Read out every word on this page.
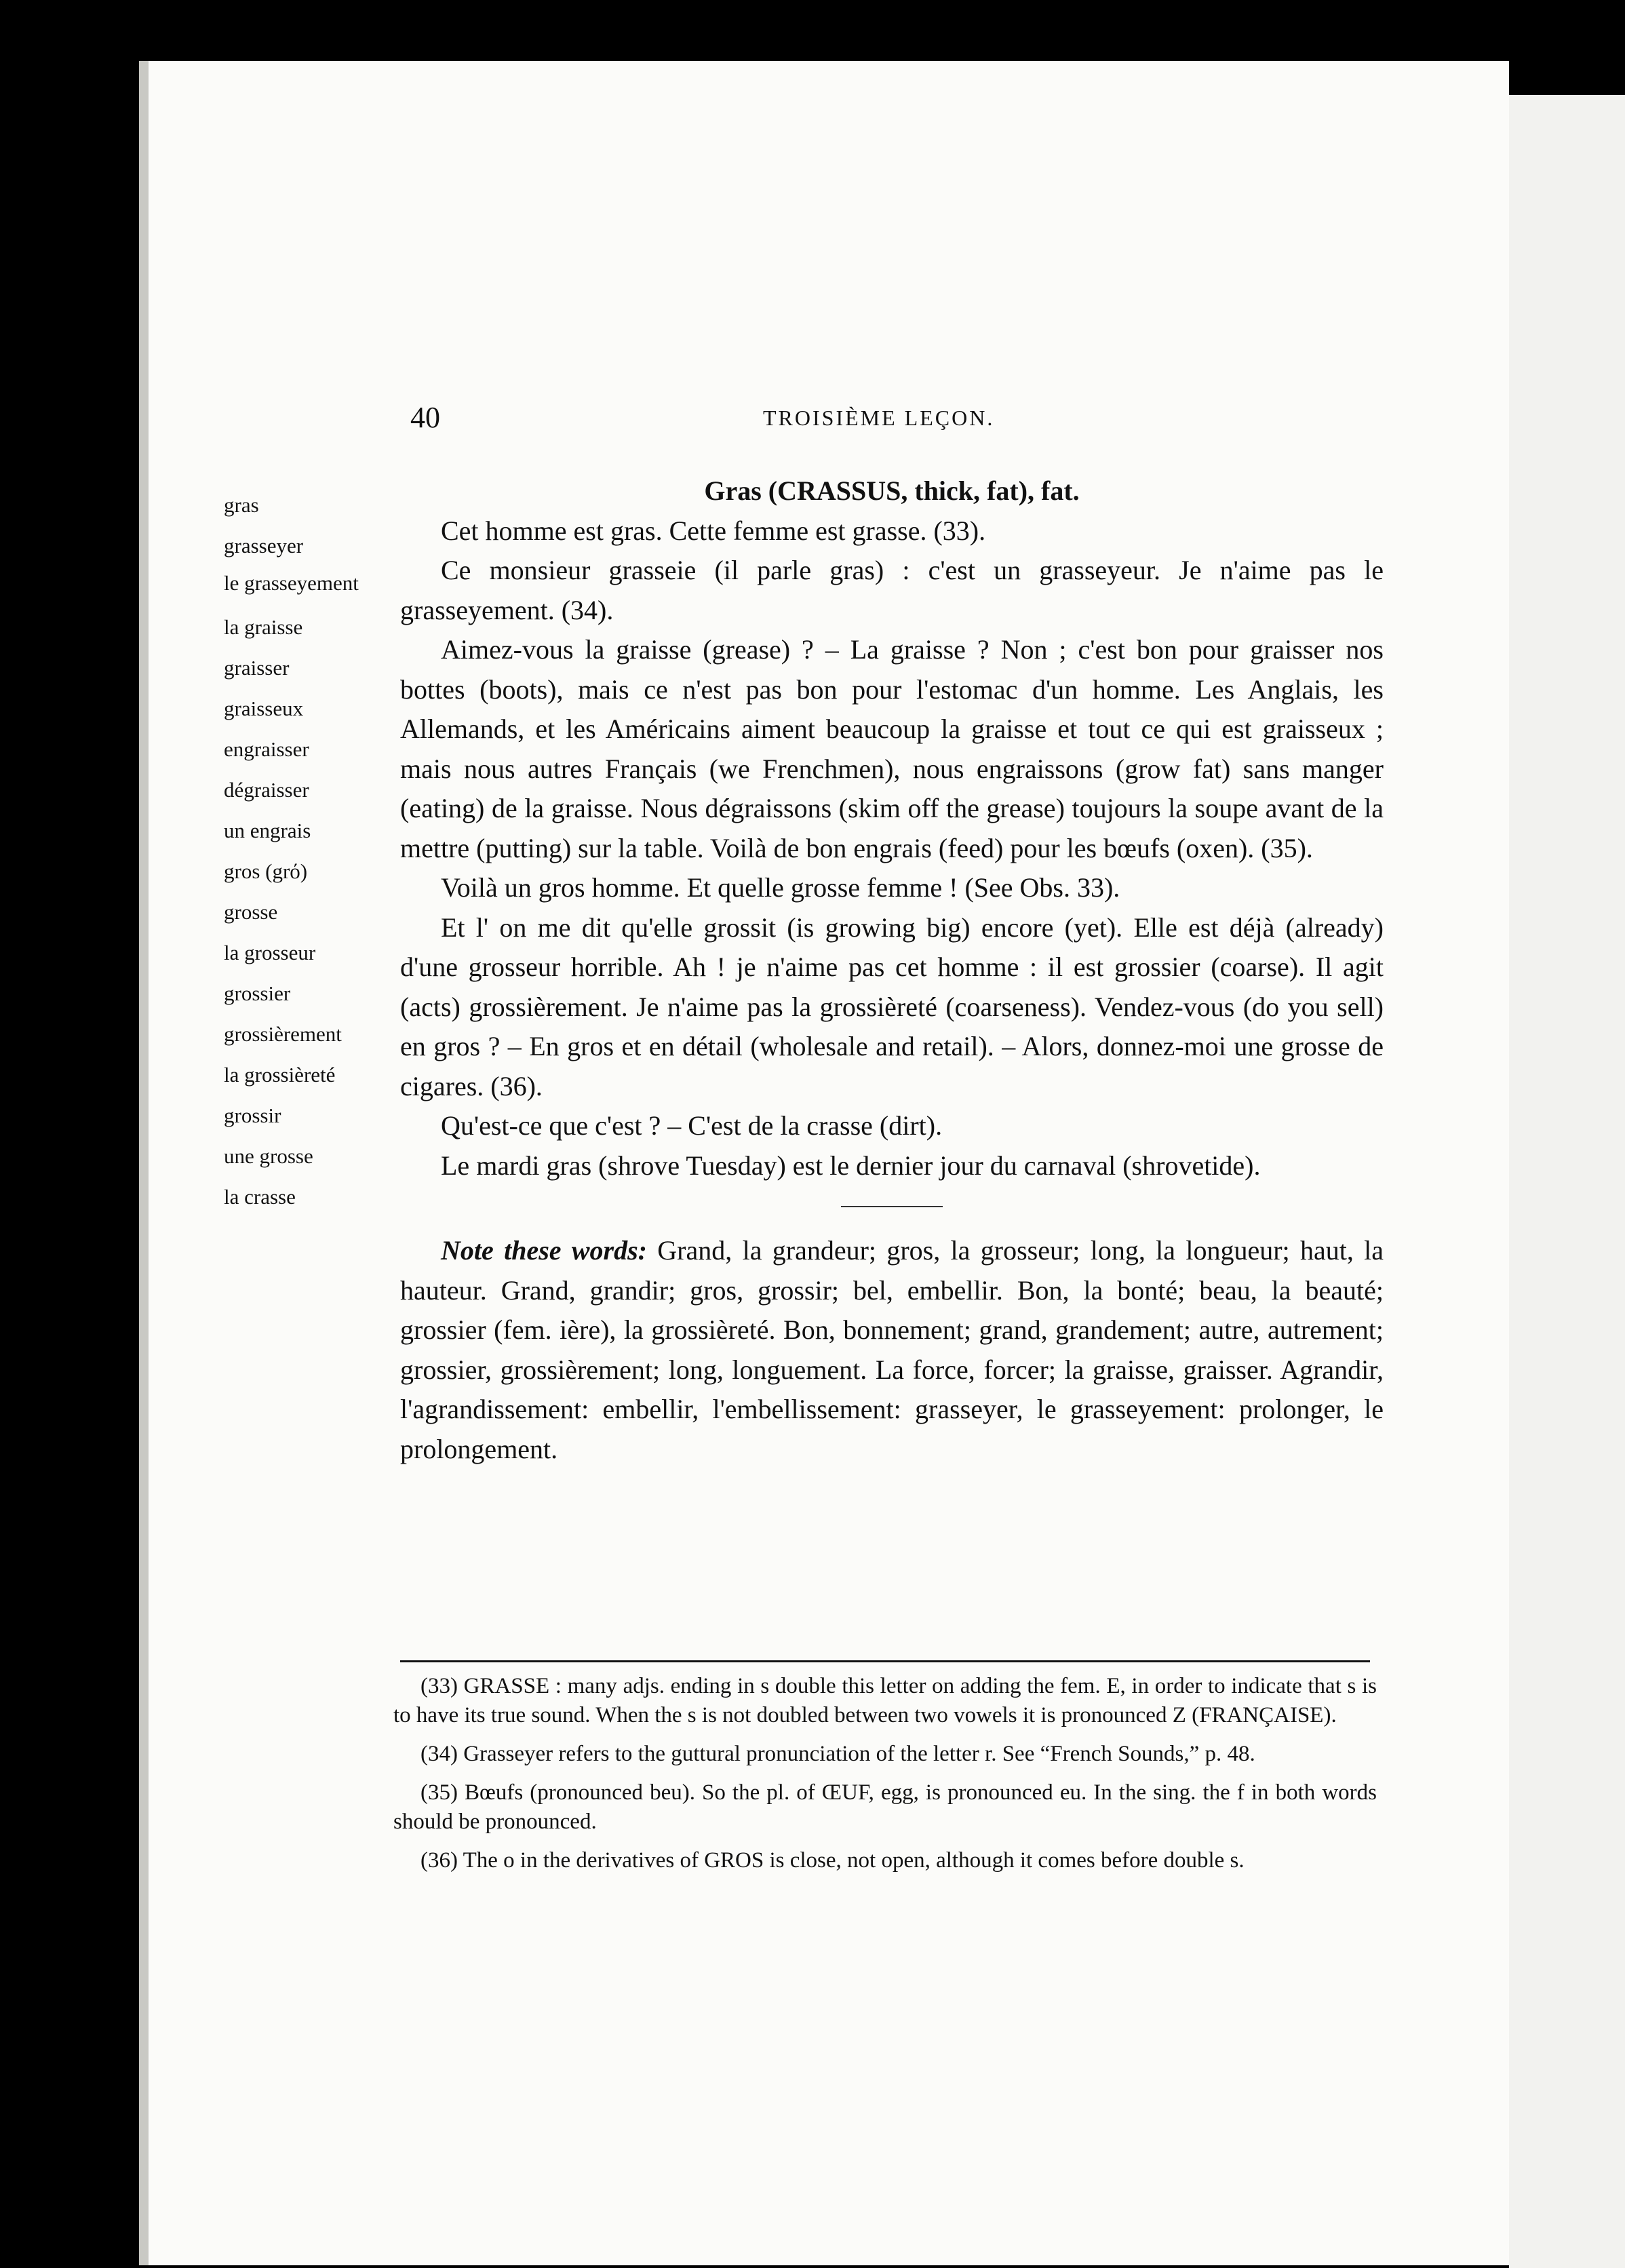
40	TROISIÈME LEÇON.
gras
grasseyer
le grasseyement
la graisse
graisser
graisseux
engraisser
dégraisser
un engrais
gros (grό)
grosse
la grosseur
grossier
grossièrement
la grossièreté
grossir
une grosse
la crasse

Gras (CRASSUS, thick, fat), fat.

Cet homme est gras. Cette femme est grasse. (33).

Ce monsieur grasseie (il parle gras) : c'est un grasseyeur. Je n'aime pas le grasseyement. (34).

Aimez-vous la graisse (grease) ? – La graisse ? Non ; c'est bon pour graisser nos bottes (boots), mais ce n'est pas bon pour l'estomac d'un homme. Les Anglais, les Allemands, et les Américains aiment beaucoup la graisse et tout ce qui est graisseux ; mais nous autres Français (we Frenchmen), nous engraissons (grow fat) sans manger (eating) de la graisse. Nous dégraissons (skim off the grease) toujours la soupe avant de la mettre (putting) sur la table. Voilà de bon engrais (feed) pour les bœufs (oxen). (35).

Voilà un gros homme. Et quelle grosse femme ! (See Obs. 33).

Et l' on me dit qu'elle grossit (is growing big) encore (yet). Elle est déjà (already) d'une grosseur horrible. Ah ! je n'aime pas cet homme : il est grossier (coarse). Il agit (acts) grossièrement. Je n'aime pas la grossièreté (coarseness). Vendez-vous (do you sell) en gros ? – En gros et en détail (wholesale and retail). – Alors, donnez-moi une grosse de cigares. (36).

Qu'est-ce que c'est ? – C'est de la crasse (dirt).

Le mardi gras (shrove Tuesday) est le dernier jour du carnaval (shrovetide).

Note these words: Grand, la grandeur; gros, la grosseur; long, la longueur; haut, la hauteur. Grand, grandir; gros, grossir; bel, embellir. Bon, la bonté; beau, la beauté; grossier (fem. ière), la grossièreté. Bon, bonnement; grand, grandement; autre, autrement; grossier, grossièrement; long, longuement. La force, forcer; la graisse, graisser. Agrandir, l'agrandissement: embellir, l'embellissement: grasseyer, le grasseyement: prolonger, le prolongement.

(33) GRASSE : many adjs. ending in s double this letter on adding the fem. E, in order to indicate that s is to have its true sound. When the s is not doubled between two vowels it is pronounced Z (FRANÇAISE).

(34) Grasseyer refers to the guttural pronunciation of the letter r. See “French Sounds,” p. 48.

(35) Bœufs (pronounced beu). So the pl. of ŒUF, egg, is pronounced eu. In the sing. the f in both words should be pronounced.

(36) The o in the derivatives of GROS is close, not open, although it comes before double s.
